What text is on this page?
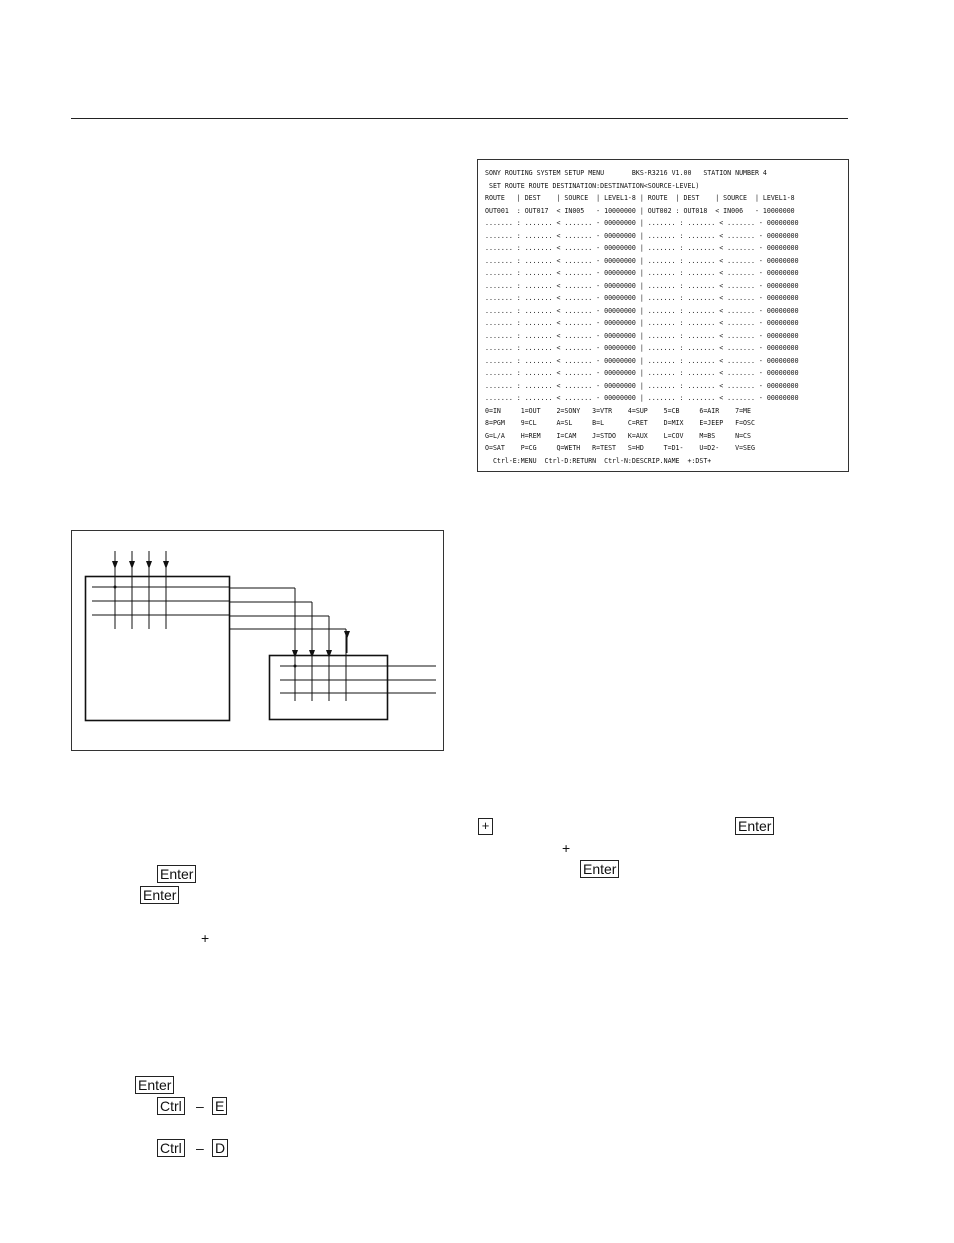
SONY ROUTING SYSTEM SETUP MENU       BKS-R3216 V1.00   STATION NUMBER 4
SET ROUTE ROUTE DESTINATION:DESTINATION<SOURCE-LEVEL)
ROUTE   | DEST    | SOURCE  | LEVEL1-8 | ROUTE  | DEST    | SOURCE  | LEVEL1-8
OUT001  : OUT017  < IN005   - 10000000 | OUT002 : OUT018  < IN006   - 10000000
....... : ....... < ....... - 00000000 | ....... : ....... < ....... - 00000000
....... : ....... < ....... - 00000000 | ....... : ....... < ....... - 00000000
....... : ....... < ....... - 00000000 | ....... : ....... < ....... - 00000000
....... : ....... < ....... - 00000000 | ....... : ....... < ....... - 00000000
....... : ....... < ....... - 00000000 | ....... : ....... < ....... - 00000000
....... : ....... < ....... - 00000000 | ....... : ....... < ....... - 00000000
....... : ....... < ....... - 00000000 | ....... : ....... < ....... - 00000000
....... : ....... < ....... - 00000000 | ....... : ....... < ....... - 00000000
....... : ....... < ....... - 00000000 | ....... : ....... < ....... - 00000000
....... : ....... < ....... - 00000000 | ....... : ....... < ....... - 00000000
....... : ....... < ....... - 00000000 | ....... : ....... < ....... - 00000000
....... : ....... < ....... - 00000000 | ....... : ....... < ....... - 00000000
....... : ....... < ....... - 00000000 | ....... : ....... < ....... - 00000000
....... : ....... < ....... - 00000000 | ....... : ....... < ....... - 00000000
....... : ....... < ....... - 00000000 | ....... : ....... < ....... - 00000000
0=IN     1=OUT    2=SONY   3=VTR    4=SUP    5=CB     6=AIR    7=ME
8=PGM    9=CL     A=SL     B=L      C=RET    D=MIX    E=JEEP   F=OSC
G=L/A    H=REM    I=CAM    J=STDO   K=AUX    L=COV    M=BS     N=CS
O=SAT    P=CG     Q=WETH   R=TEST   S=HD     T=D1-    U=D2-    V=SEG
Ctrl-E:MENU  Ctrl-D:RETURN  Ctrl-N:DESCRIP.NAME  +:DST+
+	Enter
+
Enter
Enter
Enter
+
Enter
Ctrl – E
Ctrl – D
